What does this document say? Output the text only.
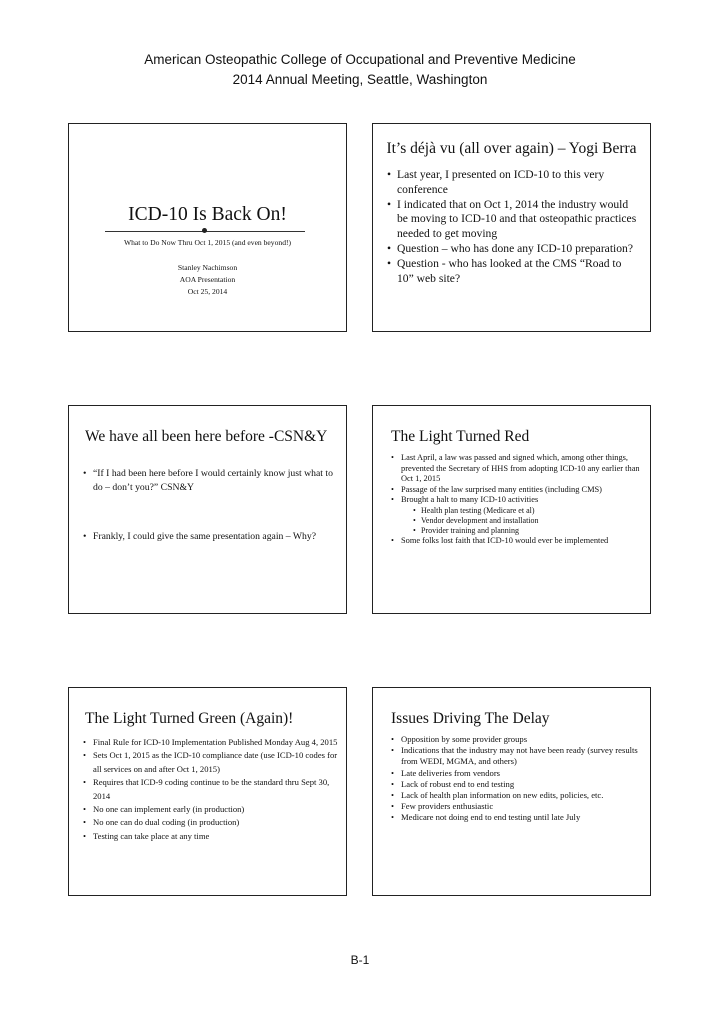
American Osteopathic College of Occupational and Preventive Medicine
2014 Annual Meeting, Seattle, Washington
ICD-10 Is Back On!
What to Do Now Thru Oct 1, 2015 (and even beyond!)
Stanley Nachimson
AOA Presentation
Oct 25, 2014
It’s déjà vu (all over again) – Yogi Berra
• Last year, I presented on ICD-10 to this very conference
• I indicated that on Oct 1, 2014 the industry would be moving to ICD-10 and that osteopathic practices needed to get moving
• Question – who has done any ICD-10 preparation?
• Question - who has looked at the CMS “Road to 10” web site?
We have all been here before -CSN&Y
• “If I had been here before I would certainly know just what to do – don’t you?” CSN&Y
• Frankly, I could give the same presentation again – Why?
The Light Turned Red
• Last April, a law was passed and signed which, among other things, prevented the Secretary of HHS from adopting ICD-10 any earlier than Oct 1, 2015
• Passage of the law surprised many entities (including CMS)
• Brought a halt to many ICD-10 activities
• Health plan testing (Medicare et al)
• Vendor development and installation
• Provider training and planning
• Some folks lost faith that ICD-10 would ever be implemented
The Light Turned Green (Again)!
• Final Rule for ICD-10 Implementation Published Monday Aug 4, 2015
• Sets Oct 1, 2015 as the ICD-10 compliance date (use ICD-10 codes for all services on and after Oct 1, 2015)
• Requires that ICD-9 coding continue to be the standard thru Sept 30, 2014
• No one can implement early (in production)
• No one can do dual coding (in production)
• Testing can take place at any time
Issues Driving The Delay
• Opposition by some provider groups
• Indications that the industry may not have been ready (survey results from WEDI, MGMA, and others)
• Late deliveries from vendors
• Lack of robust end to end testing
• Lack of health plan information on new edits, policies, etc.
• Few providers enthusiastic
• Medicare not doing end to end testing until late July
B-1
